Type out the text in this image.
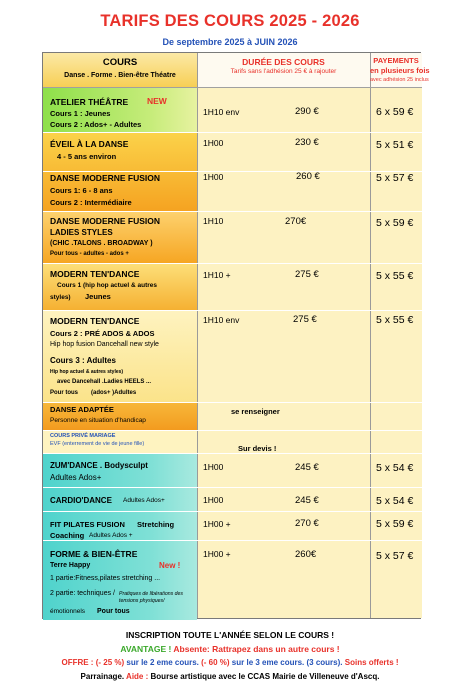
TARIFS DES COURS 2025 - 2026
De septembre 2025 à JUIN 2026
COURS
Danse . Forme . Bien-être Théatre
DURÉE DES COURS
Tarifs sans l'adhésion 25 € à rajouter
PAYEMENTS
en plusieurs fois
avec adhésion 25 inclus
ATELIER THÉÂTRE NEW
Cours 1 : Jeunes
Cours 2 : Ados+ - Adultes
1H10 env	290 €	6 x 59 €
ÉVEIL À LA DANSE
4 - 5 ans environ
1H00	230 €	5 x 51 €
DANSE MODERNE FUSION
Cours 1: 6 - 8 ans
Cours 2 : Intermédiaire
1H00	260 €	5 x 57 €
DANSE MODERNE FUSION
LADIES STYLES
(CHIC .TALONS . BROADWAY )
Pour tous - adultes - ados +
1H10	270€	5 x 59 €
MODERN TEN'DANCE
Cours 1 (hip hop actuel & autres
styles) Jeunes
1H10 +	275 €	5 x 55 €
MODERN TEN'DANCE
Cours 2 : PRÉ ADOS & ADOS
Hip hop fusion Dancehall new style
Cours 3 : Adultes
Hip hop actuel & autres styles)
avec Dancehall .Ladies HEELS ...
Pour tous (ados+ )Adultes
1H10 env	275 €	5 x 55 €
DANSE ADAPTÉE
Personne en situation d'handicap
se renseigner
COURS PRIVÉ MARIAGE
EVF (enterrement de vie de jeune fille)	Sur devis !
ZUM'DANCE . Bodysculpt
Adultes Ados+
1H00	245 €	5 x 54 €
CARDIO'DANCE Adultes Ados+	1H00	245 €	5 x 54 €
FIT PILATES FUSION Stretching
Coaching Adultes Ados +
1H00 +	270 €	5 x 59 €
FORME & BIEN-ÊTRE
Terre Happy	New !
1 partie:Fitness,pilates stretching ...
2 partie: techniques / Pratiques de libérations des tensions physiques/
émotionnels Pour tous
1H00 +	260€	5 x 57 €
INSCRIPTION TOUTE L'ANNÉE SELON LE COURS !
AVANTAGE ! Absente: Rattrapez dans un autre cours !
OFFRE : (- 25 %) sur le 2 eme cours. (- 60 %) sur le 3 eme cours. (3 cours). Soins offerts !
Parrainage. Aide : Bourse artistique avec le CCAS Mairie de Villeneuve d'Ascq.
